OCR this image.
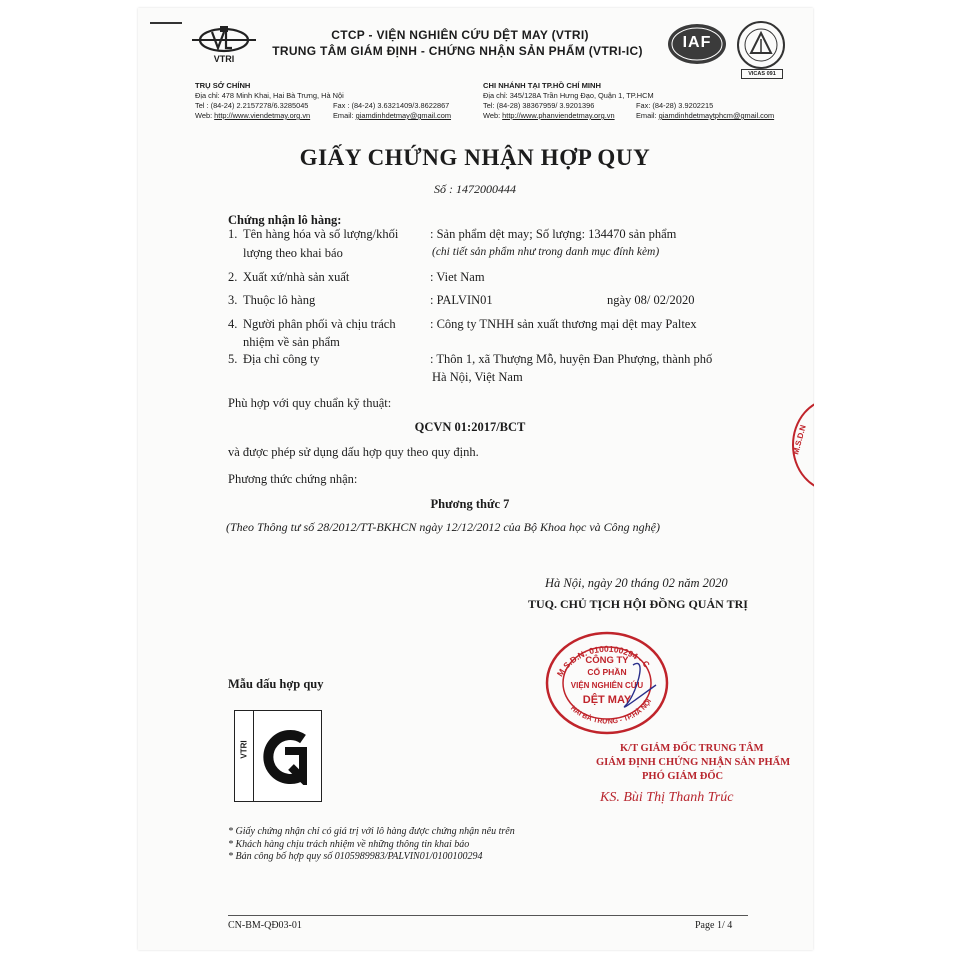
VTRI
CTCP - VIỆN NGHIÊN CỨU DỆT MAY (VTRI)
TRUNG TÂM GIÁM ĐỊNH - CHỨNG NHẬN SẢN PHẨM (VTRI-IC)	IAF
VICAS 091
TRỤ SỞ CHÍNH
Địa chỉ: 478 Minh Khai, Hai Bà Trưng, Hà Nội
Tel : (84-24) 2.2157278/6.3285045	Fax : (84-24) 3.6321409/3.8622867
Web: http://www.viendetmay.org.vn	Email: giamdinhdetmay@gmail.com
CHI NHÁNH TẠI TP.HỒ CHÍ MINH
Địa chỉ: 345/128A Trần Hưng Đạo, Quận 1, TP.HCM
Tel: (84-28) 38367959/ 3.9201396	Fax: (84-28) 3.9202215
Web: http://www.phanviendetmay.org.vn	Email: giamdinhdetmaytphcm@gmail.com
GIẤY CHỨNG NHẬN HỢP QUY
Số : 1472000444
Chứng nhận lô hàng:
1. Tên hàng hóa và số lượng/khối
lượng theo khai báo
: Sản phẩm dệt may; Số lượng: 134470 sản phẩm
(chi tiết sản phẩm như trong danh mục đính kèm)
2. Xuất xứ/nhà sản xuất	: Viet Nam
3. Thuộc lô hàng	: PALVIN01	ngày 08/ 02/2020
4. Người phân phối và chịu trách
nhiệm về sản phẩm
: Công ty TNHH sản xuất thương mại dệt may Paltex
5. Địa chỉ công ty	: Thôn 1, xã Thượng Mỗ, huyện Đan Phượng, thành phố
Hà Nội, Việt Nam
Phù hợp với quy chuẩn kỹ thuật:
QCVN 01:2017/BCT
và được phép sử dụng dấu hợp quy theo quy định.
Phương thức chứng nhận:
Phương thức 7
(Theo Thông tư số 28/2012/TT-BKHCN ngày 12/12/2012 của Bộ Khoa học và Công nghệ)
Hà Nội, ngày 20 tháng 02 năm 2020
TUQ. CHỦ TỊCH HỘI ĐỒNG QUẢN TRỊ
M.S.D.N: 0100100294 - C
HAI BÀ TRƯNG - TP.HÀ NỘI
CÔNG TY
CỔ PHẦN
VIỆN NGHIÊN CỨU
DỆT MAY
K/T GIÁM ĐỐC TRUNG TÂM
GIÁM ĐỊNH CHỨNG NHẬN SẢN PHẨM
PHÓ GIÁM ĐỐC
KS. Bùi Thị Thanh Trúc
M.S.D.N
Mẫu dấu hợp quy
VTRI
* Giấy chứng nhận chỉ có giá trị với lô hàng được chứng nhận nêu trên
* Khách hàng chịu trách nhiệm về những thông tin khai báo
* Bản công bố hợp quy số 0105989983/PALVIN01/0100100294
CN-BM-QĐ03-01	Page 1/ 4
